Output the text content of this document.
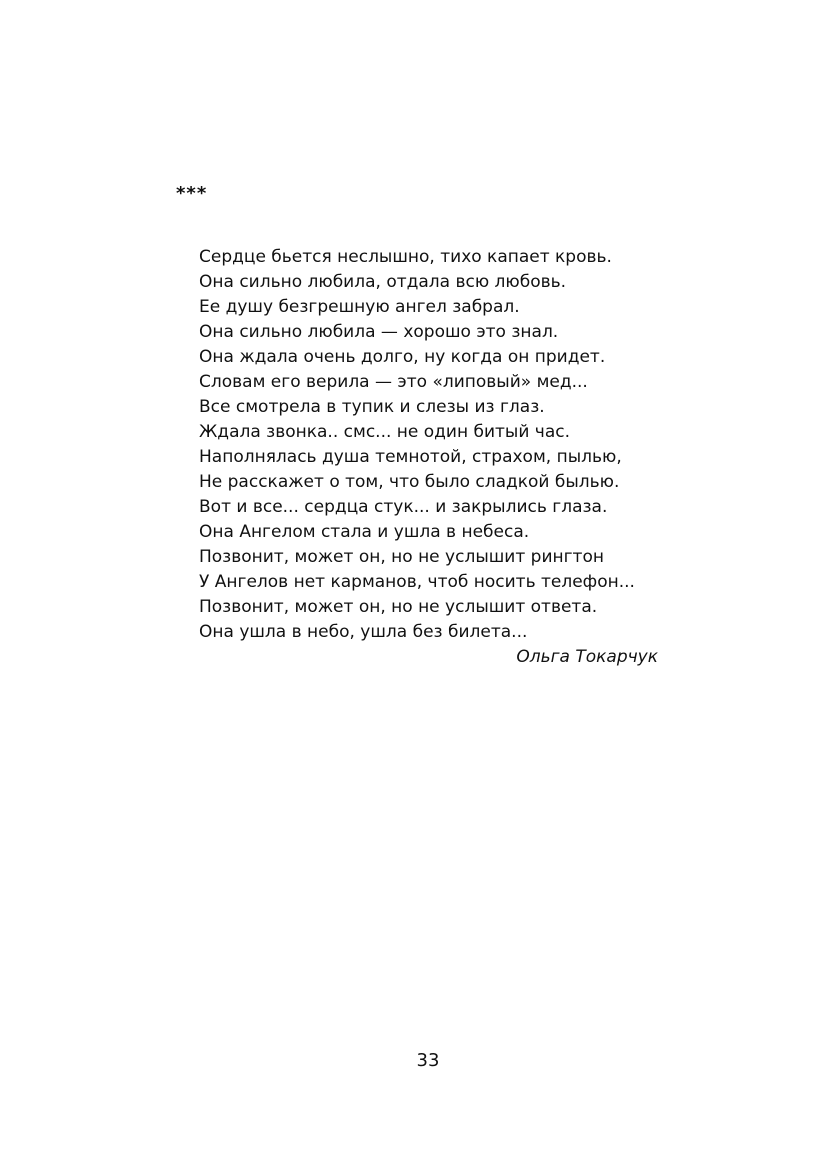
***
Сердце бьется неслышно, тихо капает кровь.
Она сильно любила, отдала всю любовь.
Ее душу безгрешную ангел забрал.
Она сильно любила — хорошо это знал.
Она ждала очень долго, ну когда он придет.
Словам его верила — это «липовый» мед...
Все смотрела в тупик и слезы из глаз.
Ждала звонка.. смс... не один битый час.
Наполнялась душа темнотой, страхом, пылью,
Не расскажет о том, что было сладкой былью.
Вот и все... сердца стук... и закрылись глаза.
Она Ангелом стала и ушла в небеса.
Позвонит, может он, но не услышит рингтон
У Ангелов нет карманов, чтоб носить телефон...
Позвонит, может он, но не услышит ответа.
Она ушла в небо, ушла без билета...
Ольга Токарчук
33
